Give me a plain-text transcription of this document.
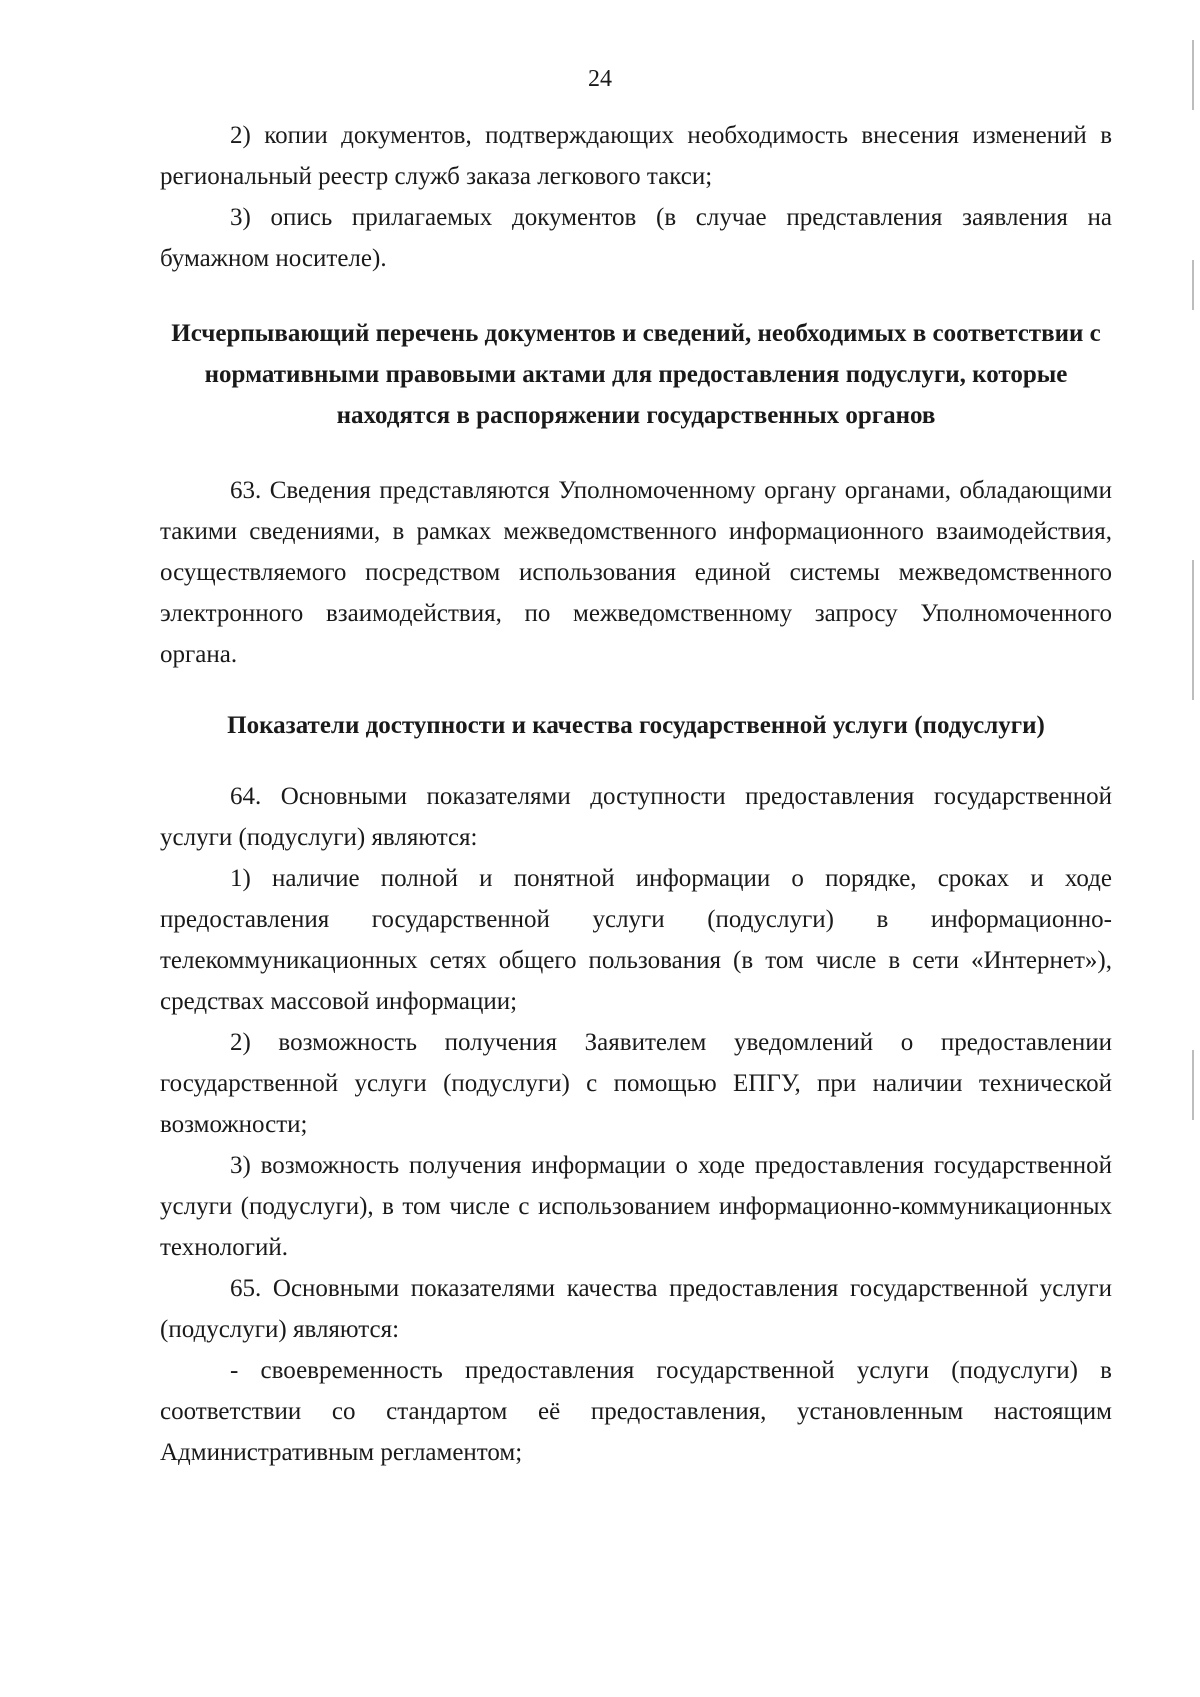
24

2) копии документов, подтверждающих необходимость внесения изменений в региональный реестр служб заказа легкового такси;

3) опись прилагаемых документов (в случае представления заявления на бумажном носителе).

Исчерпывающий перечень документов и сведений, необходимых в соответствии с нормативными правовыми актами для предоставления подуслуги, которые находятся в распоряжении государственных органов

63. Сведения представляются Уполномоченному органу органами, обладающими такими сведениями, в рамках межведомственного информационного взаимодействия, осуществляемого посредством использования единой системы межведомственного электронного взаимодействия, по межведомственному запросу Уполномоченного органа.

Показатели доступности и качества государственной услуги (подуслуги)

64. Основными показателями доступности предоставления государственной услуги (подуслуги) являются:

1) наличие полной и понятной информации о порядке, сроках и ходе предоставления государственной услуги (подуслуги) в информационно-телекоммуникационных сетях общего пользования (в том числе в сети «Интернет»), средствах массовой информации;

2) возможность получения Заявителем уведомлений о предоставлении государственной услуги (подуслуги) с помощью ЕПГУ, при наличии технической возможности;

3) возможность получения информации о ходе предоставления государственной услуги (подуслуги), в том числе с использованием информационно-коммуникационных технологий.

65. Основными показателями качества предоставления государственной услуги (подуслуги) являются:

- своевременность предоставления государственной услуги (подуслуги) в соответствии со стандартом её предоставления, установленным настоящим Административным регламентом;
